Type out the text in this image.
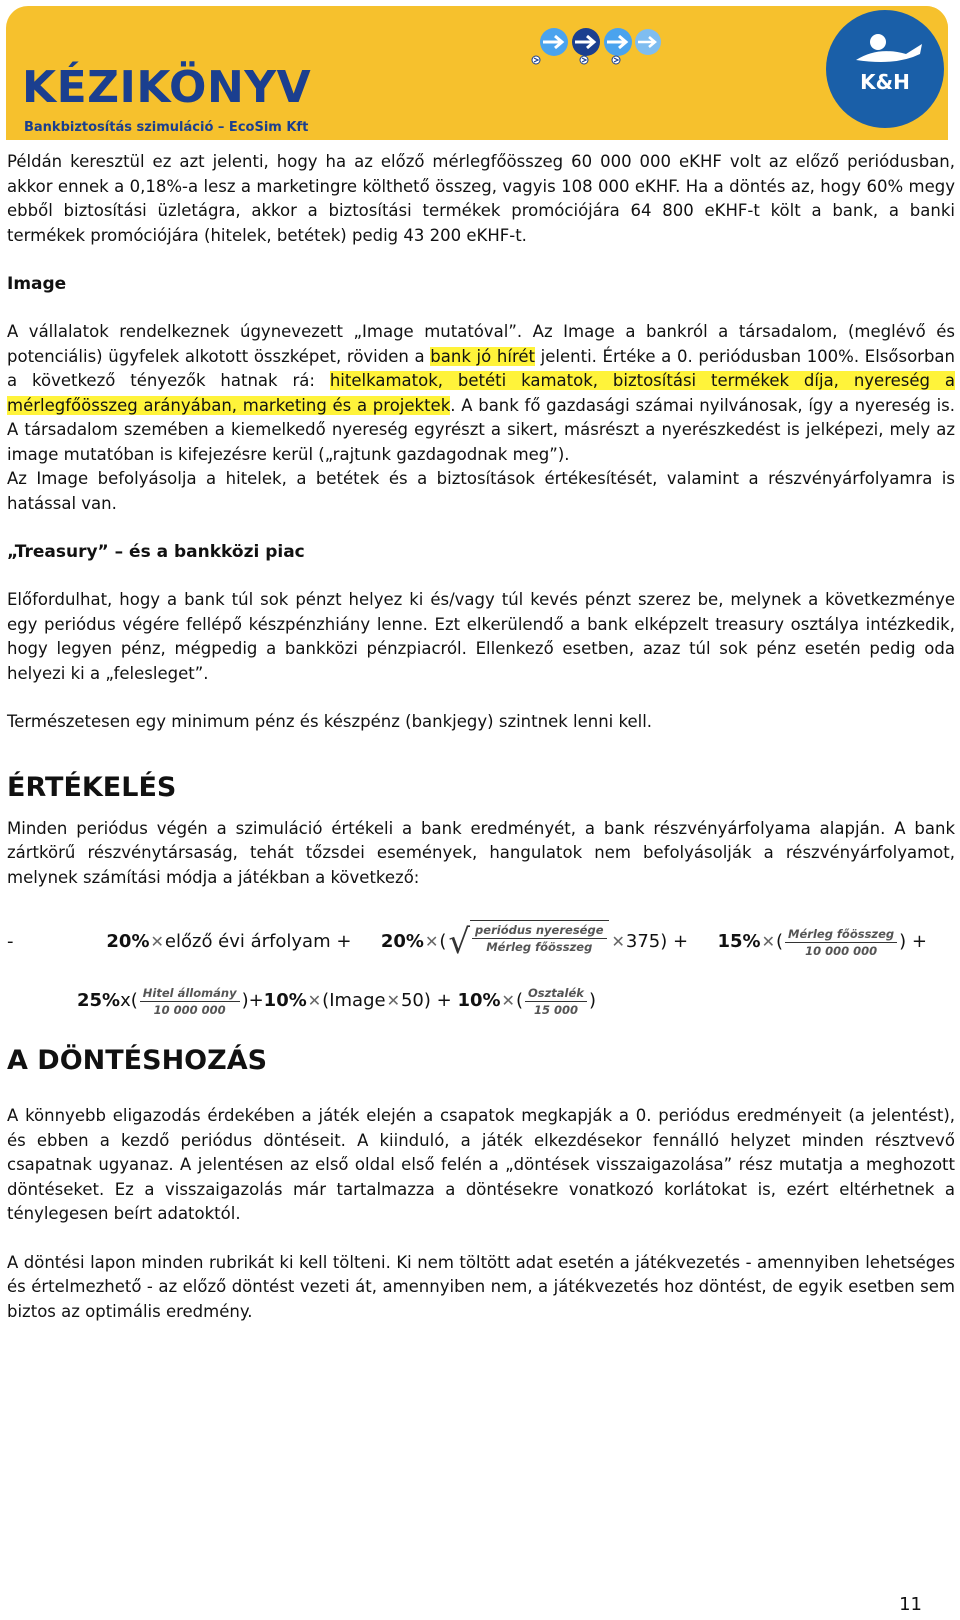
KÉZIKÖNYV
Bankbiztosítás szimuláció – EcoSim Kft
K&H

Példán keresztül ez azt jelenti, hogy ha az előző mérlegfőösszeg 60 000 000 eKHF volt az előző periódusban, akkor ennek a 0,18%-a lesz a marketingre költhető összeg, vagyis 108 000 eKHF. Ha a döntés az, hogy 60% megy ebből biztosítási üzletágra, akkor a biztosítási termékek promóciójára 64 800 eKHF-t költ a bank, a banki termékek promóciójára (hitelek, betétek) pedig 43 200 eKHF-t.

Image

A vállalatok rendelkeznek úgynevezett „Image mutatóval”. Az Image a bankról a társadalom, (meglévő és potenciális) ügyfelek alkotott összképet, röviden a bank jó hírét jelenti. Értéke a 0. periódusban 100%. Elsősorban a következő tényezők hatnak rá: hitelkamatok, betéti kamatok, biztosítási termékek díja, nyereség a mérlegfőösszeg arányában, marketing és a projektek. A bank fő gazdasági számai nyilvánosak, így a nyereség is. A társadalom szemében a kiemelkedő nyereség egyrészt a sikert, másrészt a nyerészkedést is jelképezi, mely az image mutatóban is kifejezésre kerül („rajtunk gazdagodnak meg”).

Az Image befolyásolja a hitelek, a betétek és a biztosítások értékesítését, valamint a részvényárfolyamra is hatással van.

„Treasury” – és a bankközi piac

Előfordulhat, hogy a bank túl sok pénzt helyez ki és/vagy túl kevés pénzt szerez be, melynek a következménye egy periódus végére fellépő készpénzhiány lenne. Ezt elkerülendő a bank elképzelt treasury osztálya intézkedik, hogy legyen pénz, mégpedig a bankközi pénzpiacról. Ellenkező esetben, azaz túl sok pénz esetén pedig oda helyezi ki a „felesleget”.

Természetesen egy minimum pénz és készpénz (bankjegy) szintnek lenni kell.

ÉRTÉKELÉS

Minden periódus végén a szimuláció értékeli a bank eredményét, a bank részvényárfolyama alapján. A bank zártkörű részvénytársaság, tehát tőzsdei események, hangulatok nem befolyásolják a részvényárfolyamot, melynek számítási módja a játékban a következő:

-	20% ✕ előző évi árfolyam + 20% ✕ ( √ $\frac{\text{periódus nyeresége}}{\text{Mérleg főösszeg}}$ ✕ 375) + 15% ✕ ( $\frac{\text{Mérleg főösszeg}}{10 000 000}$ ) +
25% x ( $\frac{\text{Hitel állomány}}{10 000 000}$ )+ 10% ✕ (Image ✕ 50) +
10% ✕ ( $\frac{\text{Osztalék}}{15 000}$ )
A DÖNTÉSHOZÁS

A könnyebb eligazodás érdekében a játék elején a csapatok megkapják a 0. periódus eredményeit (a jelentést), és ebben a kezdő periódus döntéseit. A kiinduló, a játék elkezdésekor fennálló helyzet minden résztvevő csapatnak ugyanaz. A jelentésen az első oldal első felén a „döntések visszaigazolása” rész mutatja a meghozott döntéseket. Ez a visszaigazolás már tartalmazza a döntésekre vonatkozó korlátokat is, ezért eltérhetnek a ténylegesen beírt adatoktól.

A döntési lapon minden rubrikát ki kell tölteni. Ki nem töltött adat esetén a játékvezetés - amennyiben lehetséges és értelmezhető - az előző döntést vezeti át, amennyiben nem, a játékvezetés hoz döntést, de egyik esetben sem biztos az optimális eredmény.

11
